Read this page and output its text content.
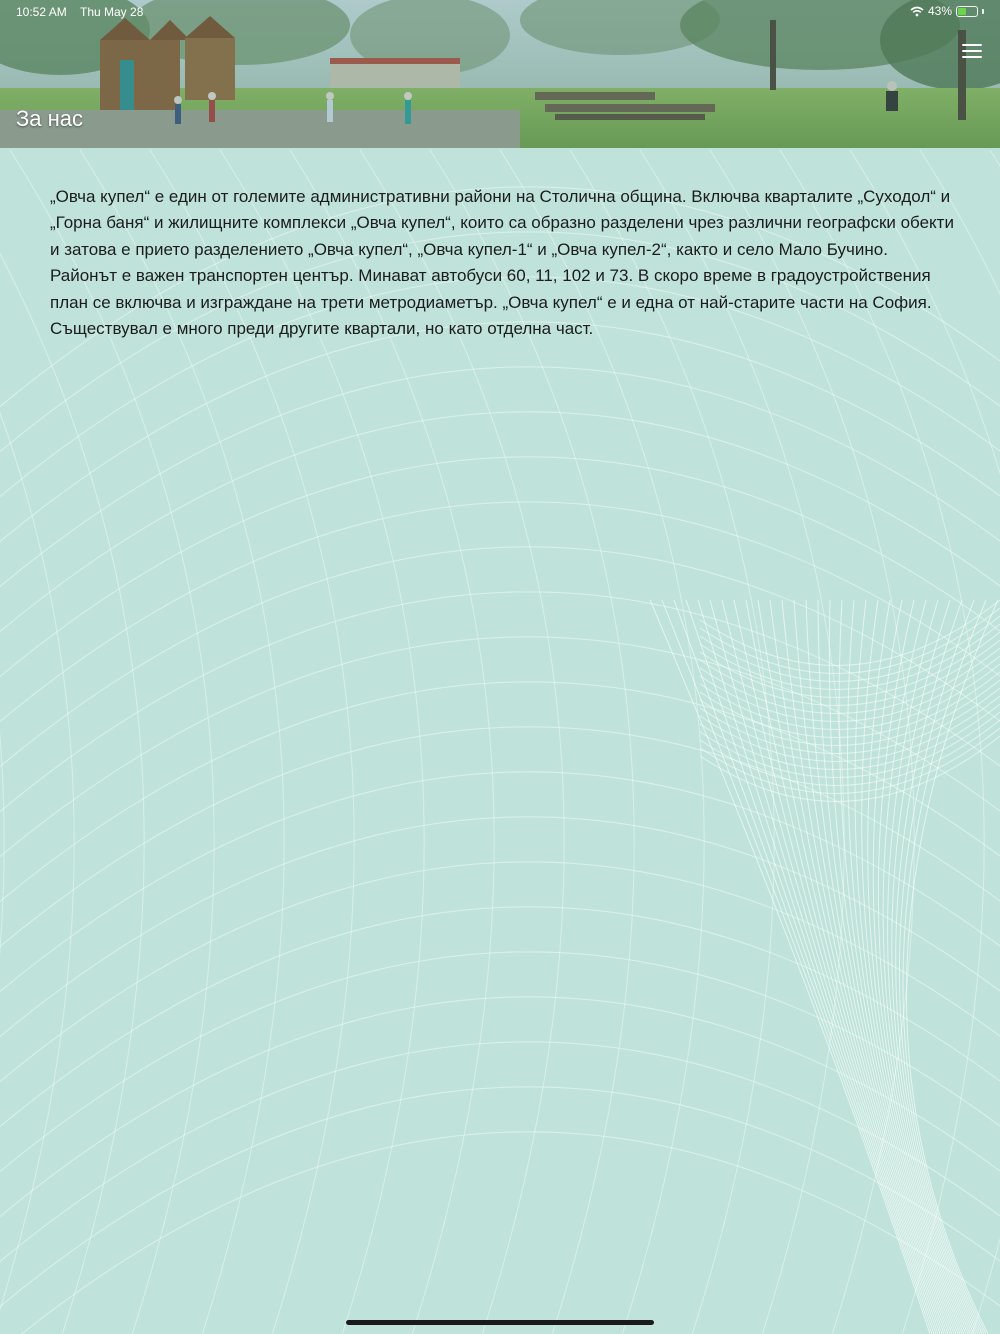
10:52 AM Thu May 28	43%
За нас

„Овча купел“ е един от големите административни райони на Столична община. Включва кварталите „Суходол“ и „Горна баня“ и жилищните комплекси „Овча купел“, които са образно разделени чрез различни географски обекти и затова е прието разделението „Овча купел“, „Овча купел-1“ и „Овча купел-2“, както и село Мало Бучино. Районът е важен транспортен център. Минават автобуси 60, 11, 102 и 73. В скоро време в градоустройствения план се включва и изграждане на трети метродиаметър. „Овча купел“ е и една от най-старите части на София. Съществувал е много преди другите квартали, но като отделна част.
